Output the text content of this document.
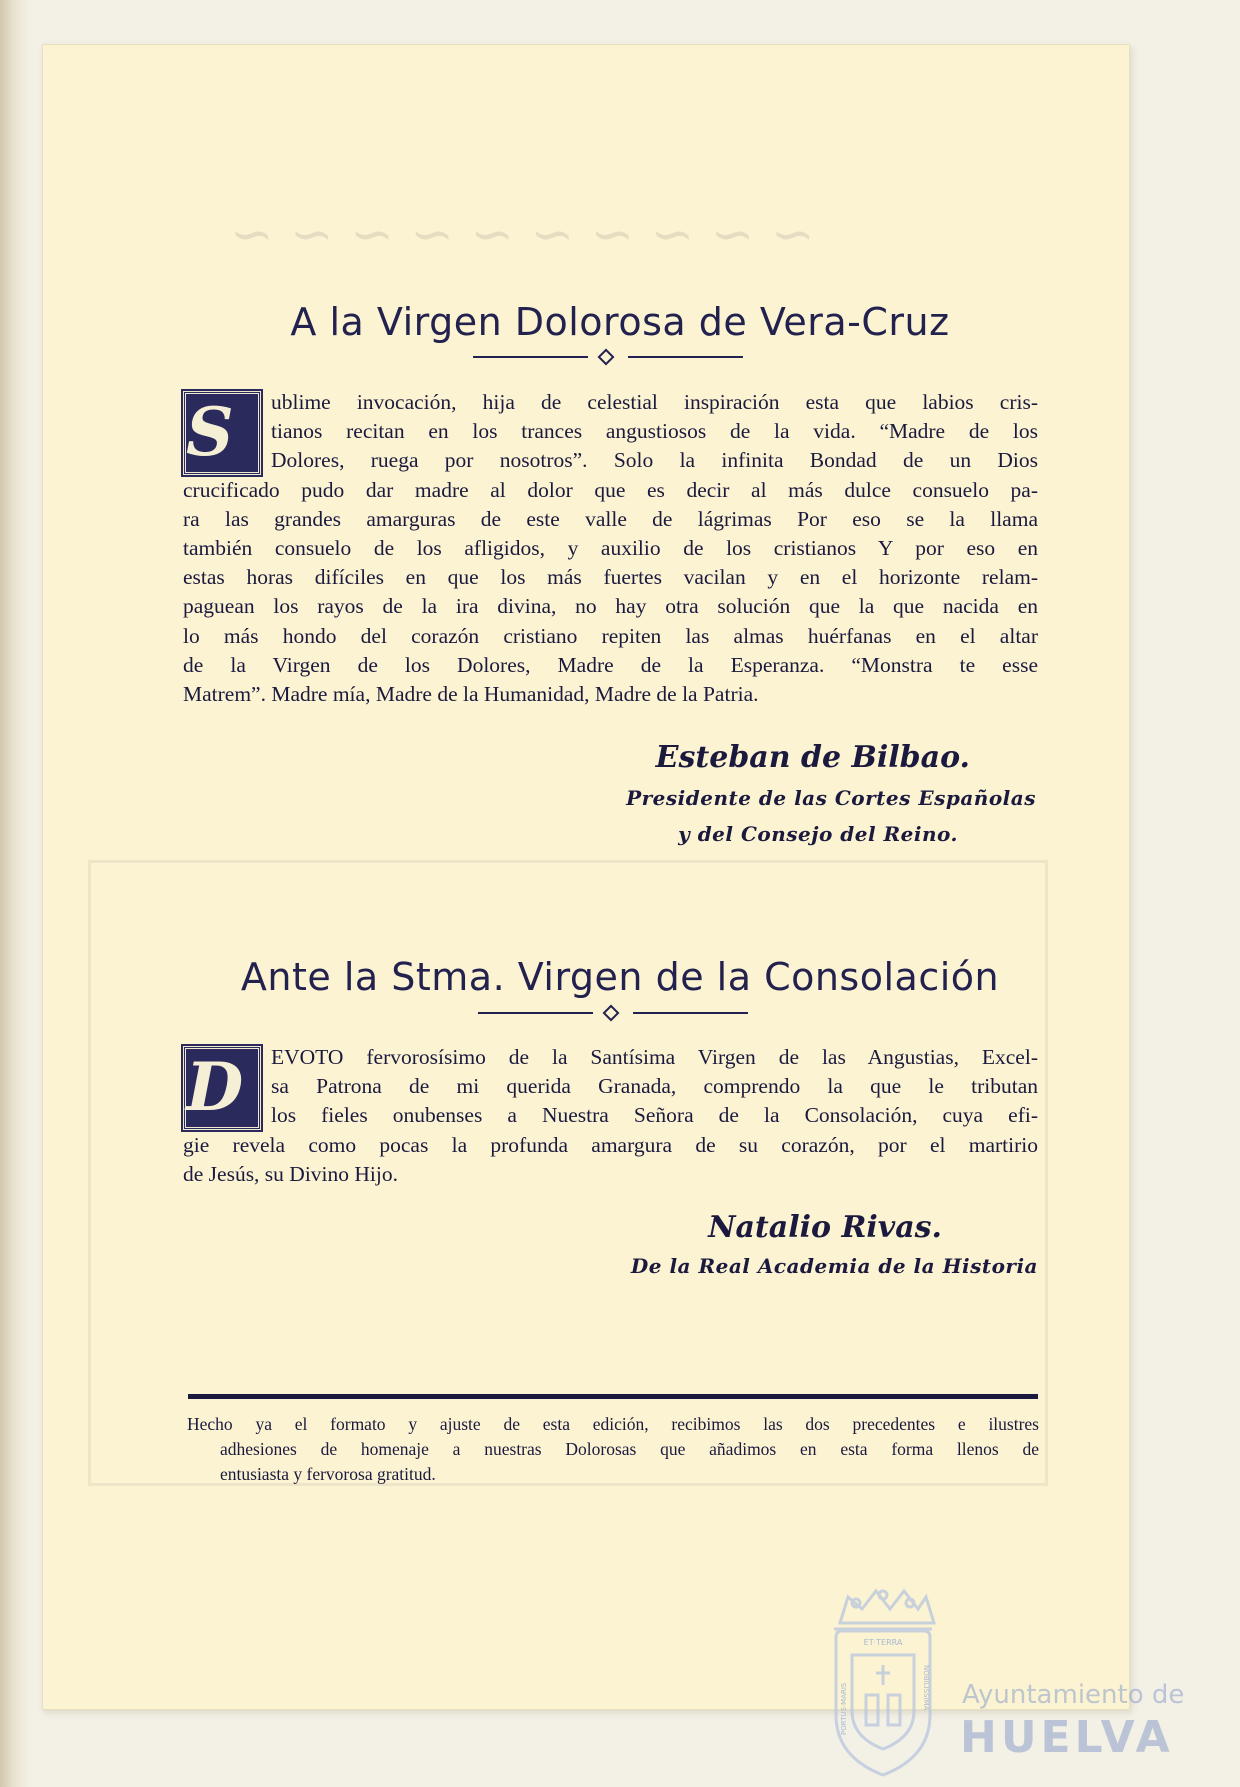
~ ~ ~ ~ ~ ~ ~ ~ ~ ~
A la Virgen Dolorosa de Vera-Cruz
S	ublime invocación, hija de celestial inspiración esta que labios cris-
tianos recitan en los trances angustiosos de la vida. “Madre de los
Dolores, ruega por nosotros”. Solo la infinita Bondad de un Dios
crucificado pudo dar madre al dolor que es decir al más dulce consuelo pa-
ra las grandes amarguras de este valle de lágrimas Por eso se la llama
también consuelo de los afligidos, y auxilio de los cristianos Y por eso en
estas horas difíciles en que los más fuertes vacilan y en el horizonte relam-
paguean los rayos de la ira divina, no hay otra solución que la que nacida en
lo más hondo del corazón cristiano repiten las almas huérfanas en el altar
de la Virgen de los Dolores, Madre de la Esperanza. “Monstra te esse
Matrem”. Madre mía, Madre de la Humanidad, Madre de la Patria.
Esteban de Bilbao.
Presidente de las Cortes Españolas
y del Consejo del Reino.
Ante la Stma. Virgen de la Consolación
D	EVOTO fervorosísimo de la Santísima Virgen de las Angustias, Excel-
sa Patrona de mi querida Granada, comprendo la que le tributan
los fieles onubenses a Nuestra Señora de la Consolación, cuya efi-
gie revela como pocas la profunda amargura de su corazón, por el martirio
de Jesús, su Divino Hijo.
Natalio Rivas.
De la Real Academia de la Historia

Hecho ya el formato y ajuste de esta edición, recibimos las dos precedentes e ilustres

adhesiones de homenaje a nuestras Dolorosas que añadimos en esta forma llenos de

entusiasta y fervorosa gratitud.

ET·TERRA
PORTUS·MARIS	NOBILISSIMA Ayuntamiento de
HUELVA
